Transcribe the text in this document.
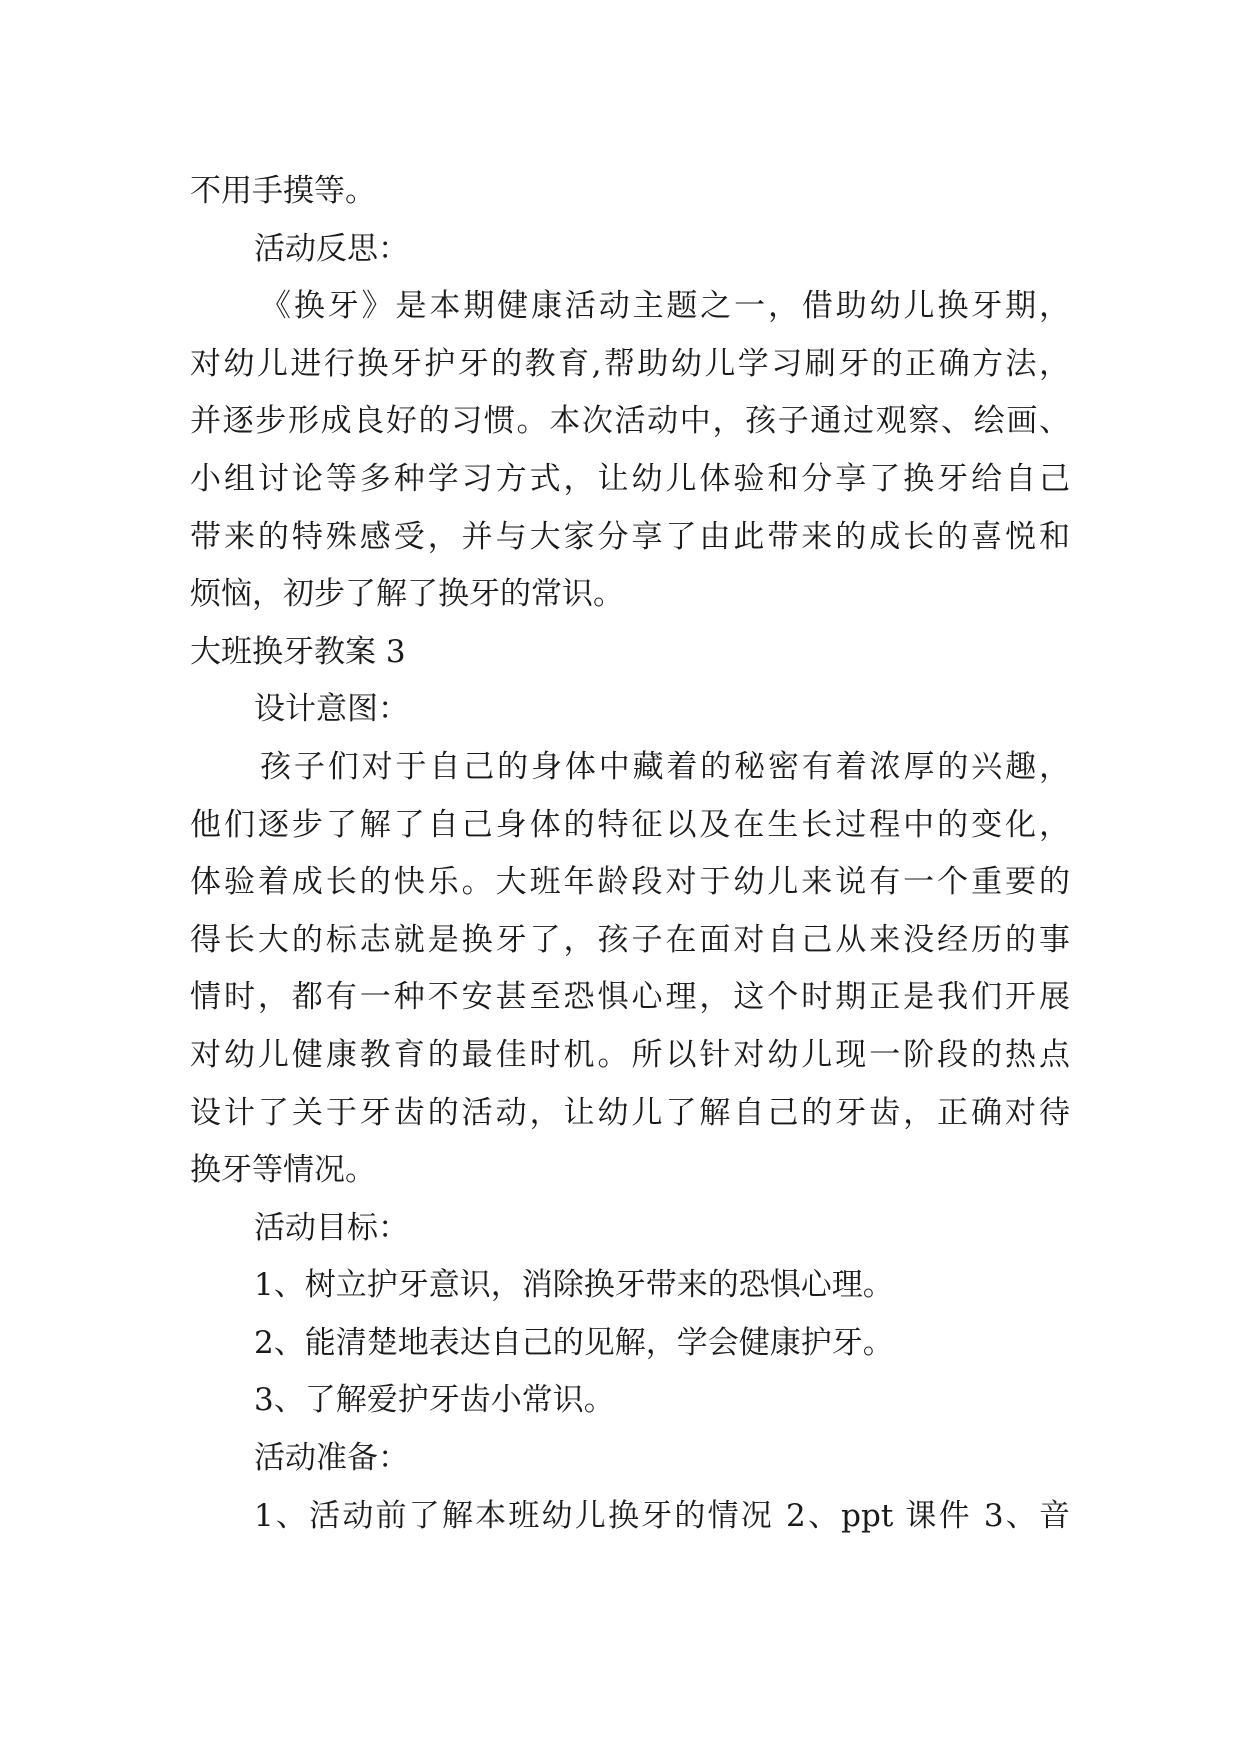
不用手摸等。
活动反思：
《换牙》是本期健康活动主题之一，借助幼儿换牙期，
对幼儿进行换牙护牙的教育,帮助幼儿学习刷牙的正确方法，
并逐步形成良好的习惯。本次活动中，孩子通过观察、绘画、
小组讨论等多种学习方式，让幼儿体验和分享了换牙给自己
带来的特殊感受，并与大家分享了由此带来的成长的喜悦和
烦恼，初步了解了换牙的常识。
大班换牙教案 3
设计意图：
孩子们对于自己的身体中藏着的秘密有着浓厚的兴趣，
他们逐步了解了自己身体的特征以及在生长过程中的变化，
体验着成长的快乐。大班年龄段对于幼儿来说有一个重要的
得长大的标志就是换牙了，孩子在面对自己从来没经历的事
情时，都有一种不安甚至恐惧心理，这个时期正是我们开展
对幼儿健康教育的最佳时机。所以针对幼儿现一阶段的热点
设计了关于牙齿的活动，让幼儿了解自己的牙齿，正确对待
换牙等情况。
活动目标：
1、树立护牙意识，消除换牙带来的恐惧心理。
2、能清楚地表达自己的见解，学会健康护牙。
3、了解爱护牙齿小常识。
活动准备：
1、活动前了解本班幼儿换牙的情况 2、ppt 课件 3、音
